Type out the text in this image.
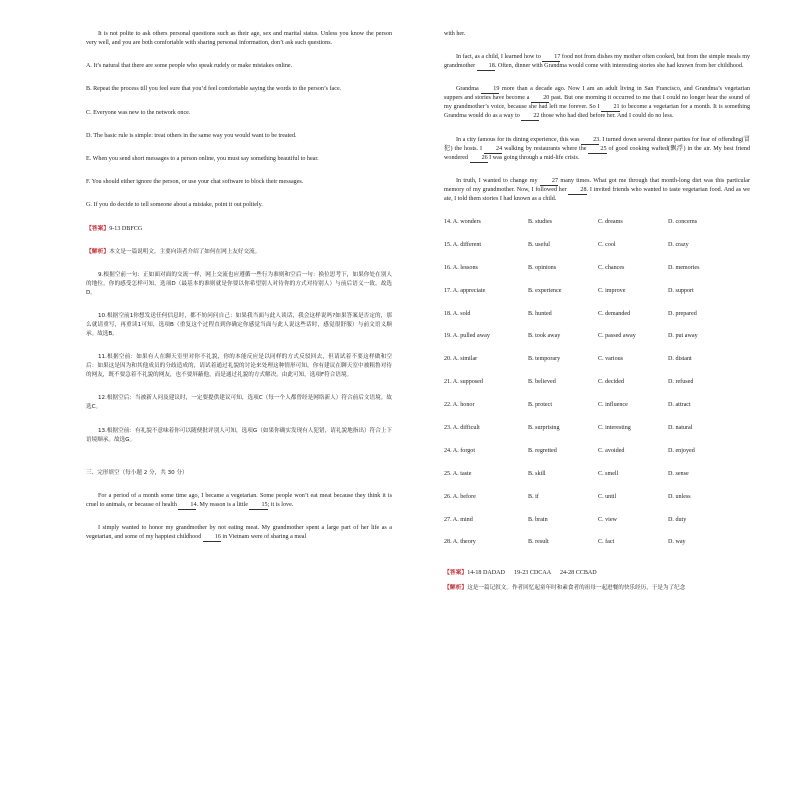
It is not polite to ask others personal questions such as their age, sex and marital status. Unless you know the person very well, and you are both comfortable with sharing personal information, don’t ask such questions.

A. It’s natural that there are some people who speak rudely or make mistakes online.

B. Repeat the process till you feel sure that you’d feel comfortable saying the words to the person’s face.

C. Everyone was new to the network once.

D. The basic rule is simple: treat others in the same way you would want to be treated.

E. When you send short messages to a person online, you must say something beautiful to hear.

F. You should either ignore the person, or use your chat software to block their messages.

G. If you do decide to tell someone about a mistake, point it out politely.

【答案】9-13 DBFCG

【解析】本文是一篇说明文。主要向读者介绍了如何在网上友好交流。

9.根据空前一句：正如面对面的交流一样，网上交流也应遵循一些行为准则和空后一句：换位思考下，如果你处在别人的地位，你的感受怎样可知，选项D（最基本的准则就是你要以你希望别人对待你的方式对待别人）与前后语义一致。故选D。

10.根据空前1你想发送任何信息时，都不妨问问自己：如果我当面与此人谈话，我会这样说吗?如果答案是否定的，那么就请重写，再重读1可知，选项B（重复这个过程直到你确定你感觉当面与此人说这些话时，感觉很舒服）与前文语义顺承。故选B。

11.根据空前：如果有人在聊天室里对你不礼貌，你的本能反应是以同样的方式反驳回去，但请试着不要这样做和空后：如果这是因为和其他成员的分歧造成的，请试着通过礼貌的讨论来处理这种情形可知，你有建议在聊天室中被粗鲁对待的网友，既不要急着不礼貌的网友，也不要屏蔽他，而是通过礼貌的方式解决。由此可知，选项F符合语境。

12.根据空后：当被新人问及建议时，一定要提供建议可知，选项C（每一个人都曾经是网络新人）符合前后文语境。故选C。

13.根据空前：有礼貌不意味着你可以随便批评别人可知，选项G（如果你确实发现有人犯错，请礼貌地指出）符合上下语境顺承。故选G。

三、完形填空（每小题 2 分，共 30 分）

For a period of a month some time ago, I became a vegetarian. Some people won’t eat meat because they think it is cruel to animals, or because of health 14. My reason is a little 15; it is love.

I simply wanted to honor my grandmother by not eating meat. My grandmother spent a large part of her life as a vegetarian, and some of my happiest childhood 16 in Vietnam were of sharing a meal

with her.

In fact, as a child, I learned how to 17 food not from dishes my mother often cooked, but from the simple meals my grandmother 18. Often, dinner with Grandma would come with interesting stories she had known from her childhood.

Grandma 19 more than a decade ago. Now I am an adult living in San Francisco, and Grandma’s vegetarian suppers and stories have become a 20 past. But one morning it occurred to me that I could no longer hear the sound of my grandmother’s voice, because she had left me forever. So I 21 to become a vegetarian for a month. It is something Grandma would do as a way to 22 those who had died before her. And I could do no less.

In a city famous for its dining experience, this was 23. I turned down several dinner parties for fear of offending(冒犯) the hosts. I 24 walking by restaurants where the 25 of good cooking wafted(飘浮) in the air. My best friend wondered 26 I was going through a mid-life crisis.

In truth, I wanted to change my 27 many times. What got me through that month-long diet was this particular memory of my grandmother. Now, I followed her 28. I invited friends who wanted to taste vegetarian food. And as we ate, I told them stories I had known as a child.

14. A. wonders	B. studies	C. dreams	D. concerns
15. A. different	B. useful	C. cool	D. crazy
16. A. lessons	B. opinions	C. chances	D. memories
17. A. appreciate	B. experience	C. improve	D. support
18. A. sold	B. hunted	C. demanded	D. prepared
19. A. pulled away	B. took away	C. passed away	D. put away
20. A. similar	B. temporary	C. various	D. distant
21. A. supposed	B. believed	C. decided	D. refused
22. A. honor	B. protect	C. influence	D. attract
23. A. difficult	B. surprising	C. interesting	D. natural
24. A. forgot	B. regretted	C. avoided	D. enjoyed
25. A. taste	B. skill	C. smell	D. sense
26. A. before	B. if	C. until	D. unless
27. A. mind	B. brain	C. view	D. duty
28. A. theory	B. result	C. fact	D. way

【答案】14-18 DADAD      19-23 CDCAA      24-28 CCBAD

【解析】这是一篇记叙文。作者回忆起童年时和素食者的祖母一起进餐的快乐经历，于是为了纪念
